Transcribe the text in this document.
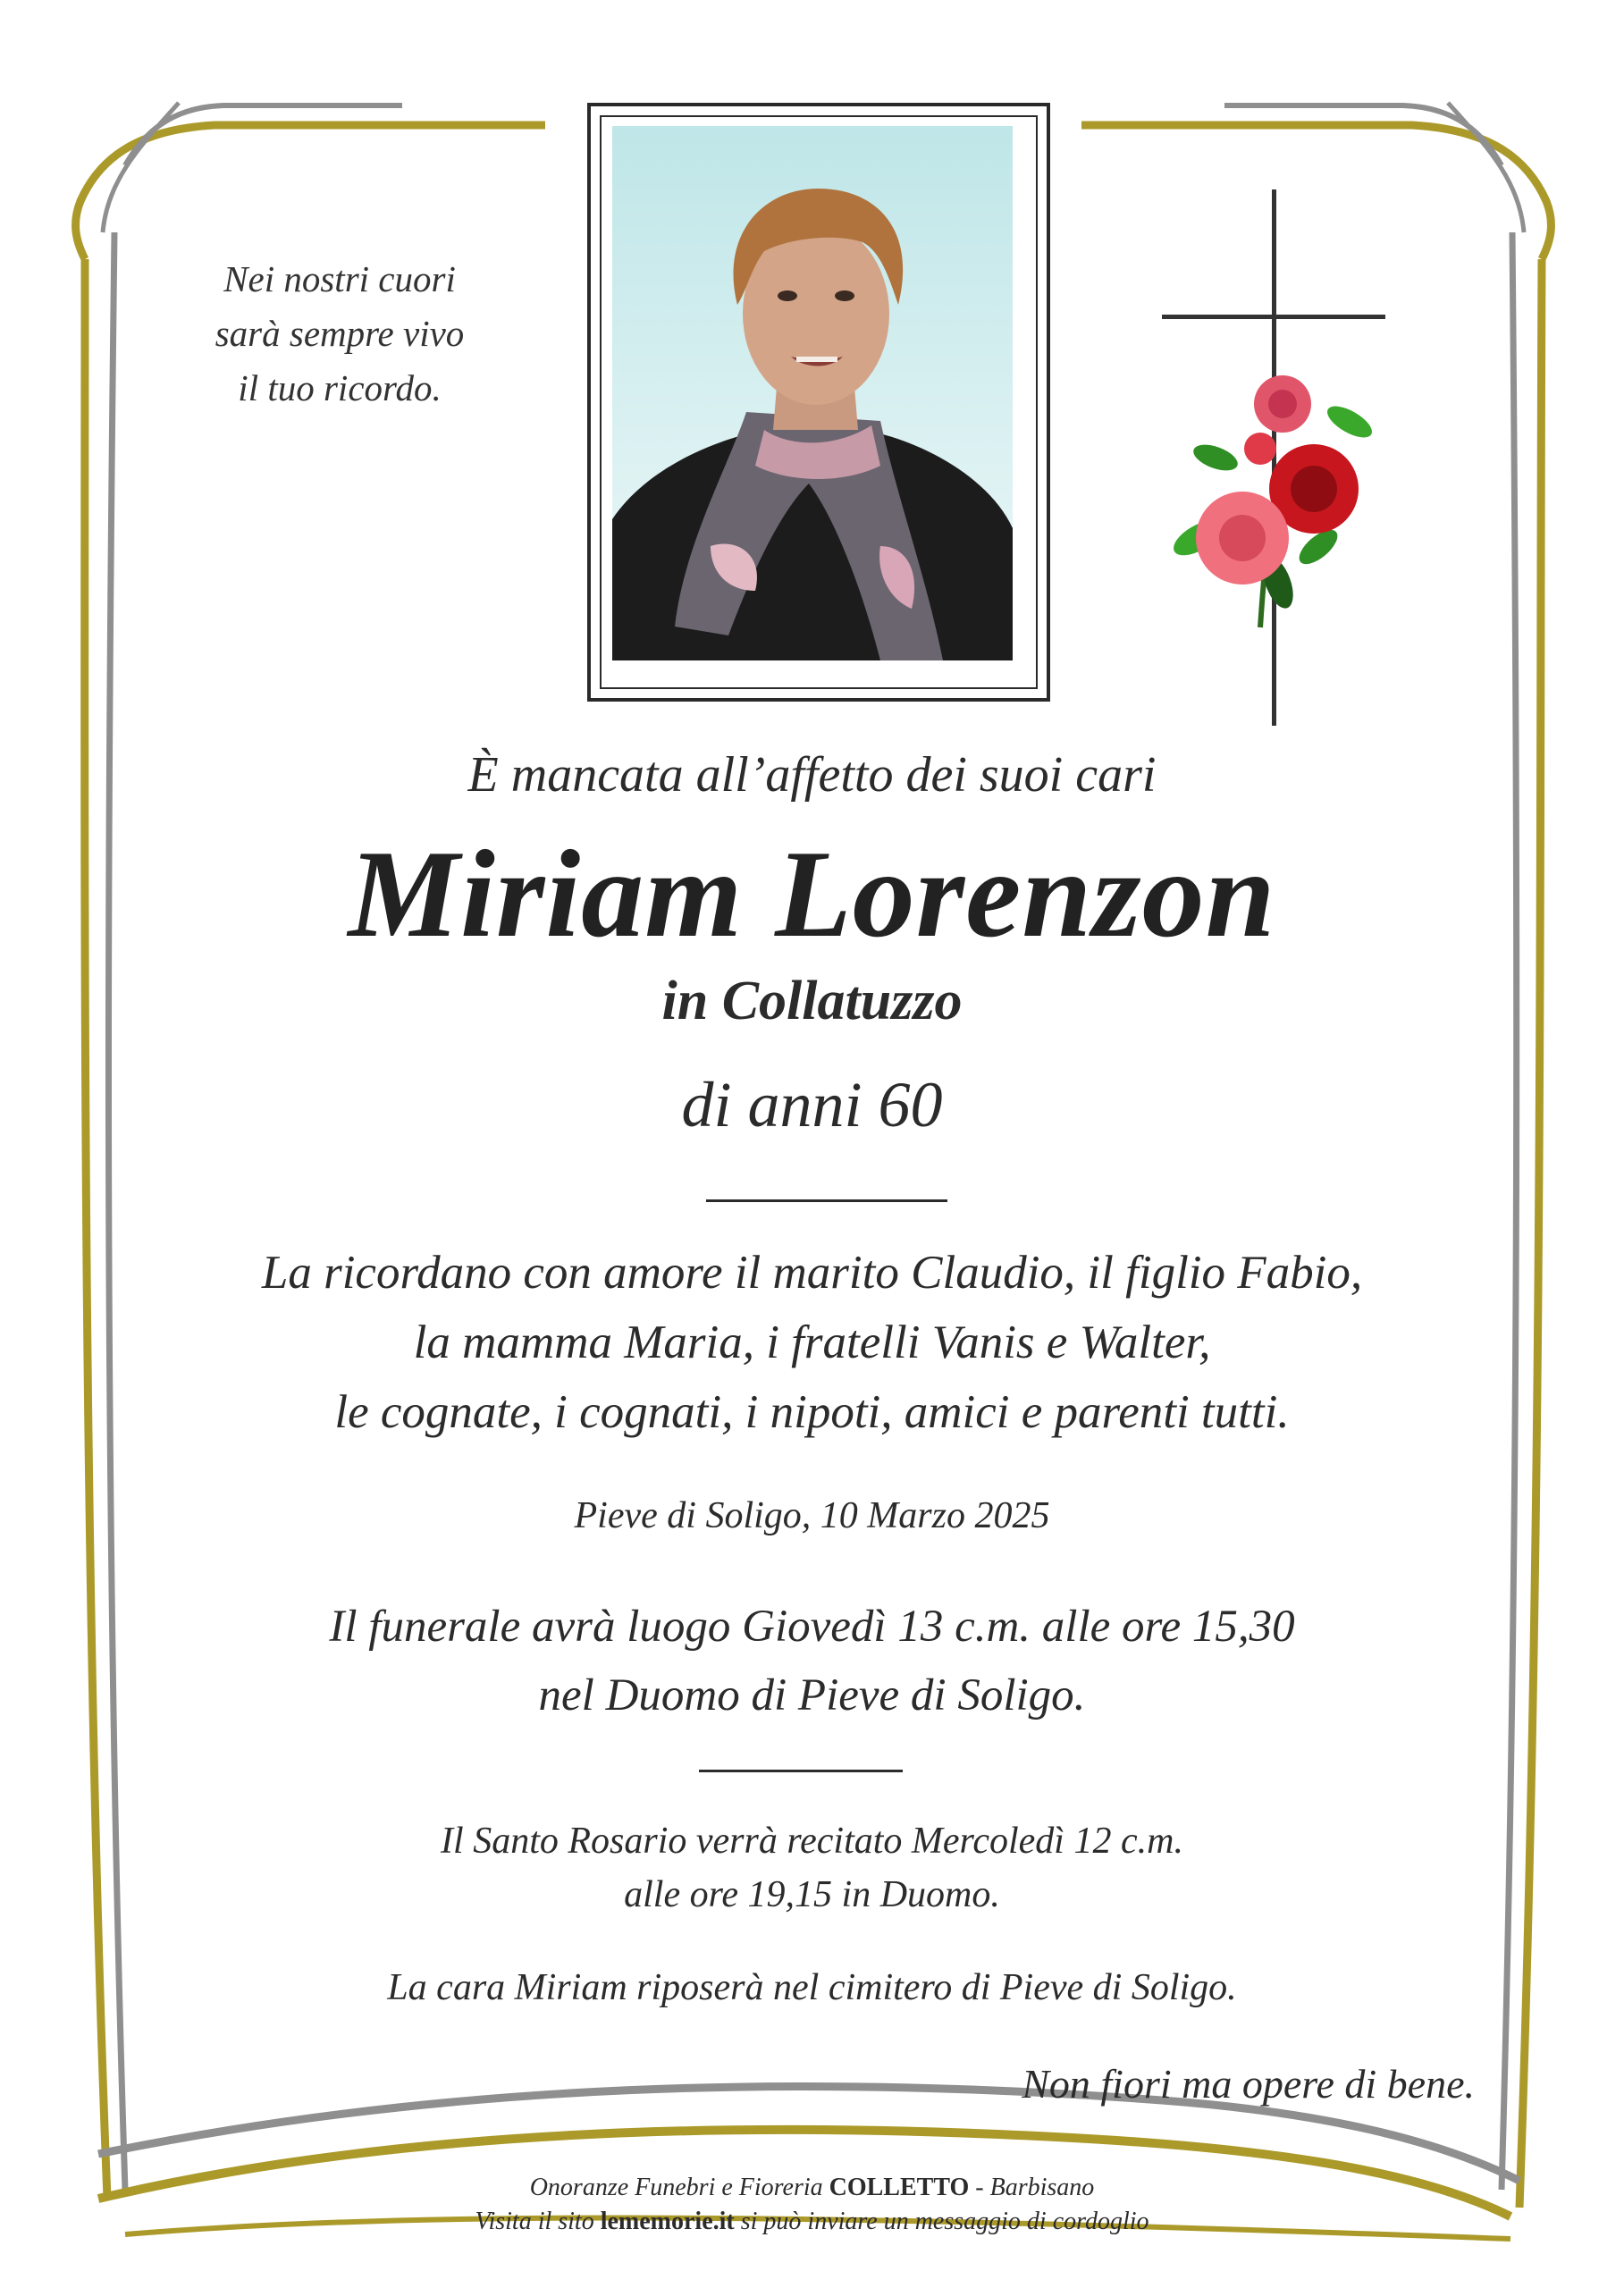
Nei nostri cuori
sarà sempre vivo
il tuo ricordo.
È mancata all’affetto dei suoi cari
Miriam Lorenzon
in Collatuzzo
di anni 60
La ricordano con amore il marito Claudio, il figlio Fabio,
la mamma Maria, i fratelli Vanis e Walter,
le cognate, i cognati, i nipoti, amici e parenti tutti.
Pieve di Soligo, 10 Marzo 2025
Il funerale avrà luogo Giovedì 13 c.m. alle ore 15,30
nel Duomo di Pieve di Soligo.
Il Santo Rosario verrà recitato Mercoledì 12 c.m.
alle ore 19,15 in Duomo.
La cara Miriam riposerà nel cimitero di Pieve di Soligo.
Non fiori ma opere di bene.
Onoranze Funebri e Fioreria COLLETTO - Barbisano
Visita il sito lememorie.it si può inviare un messaggio di cordoglio
